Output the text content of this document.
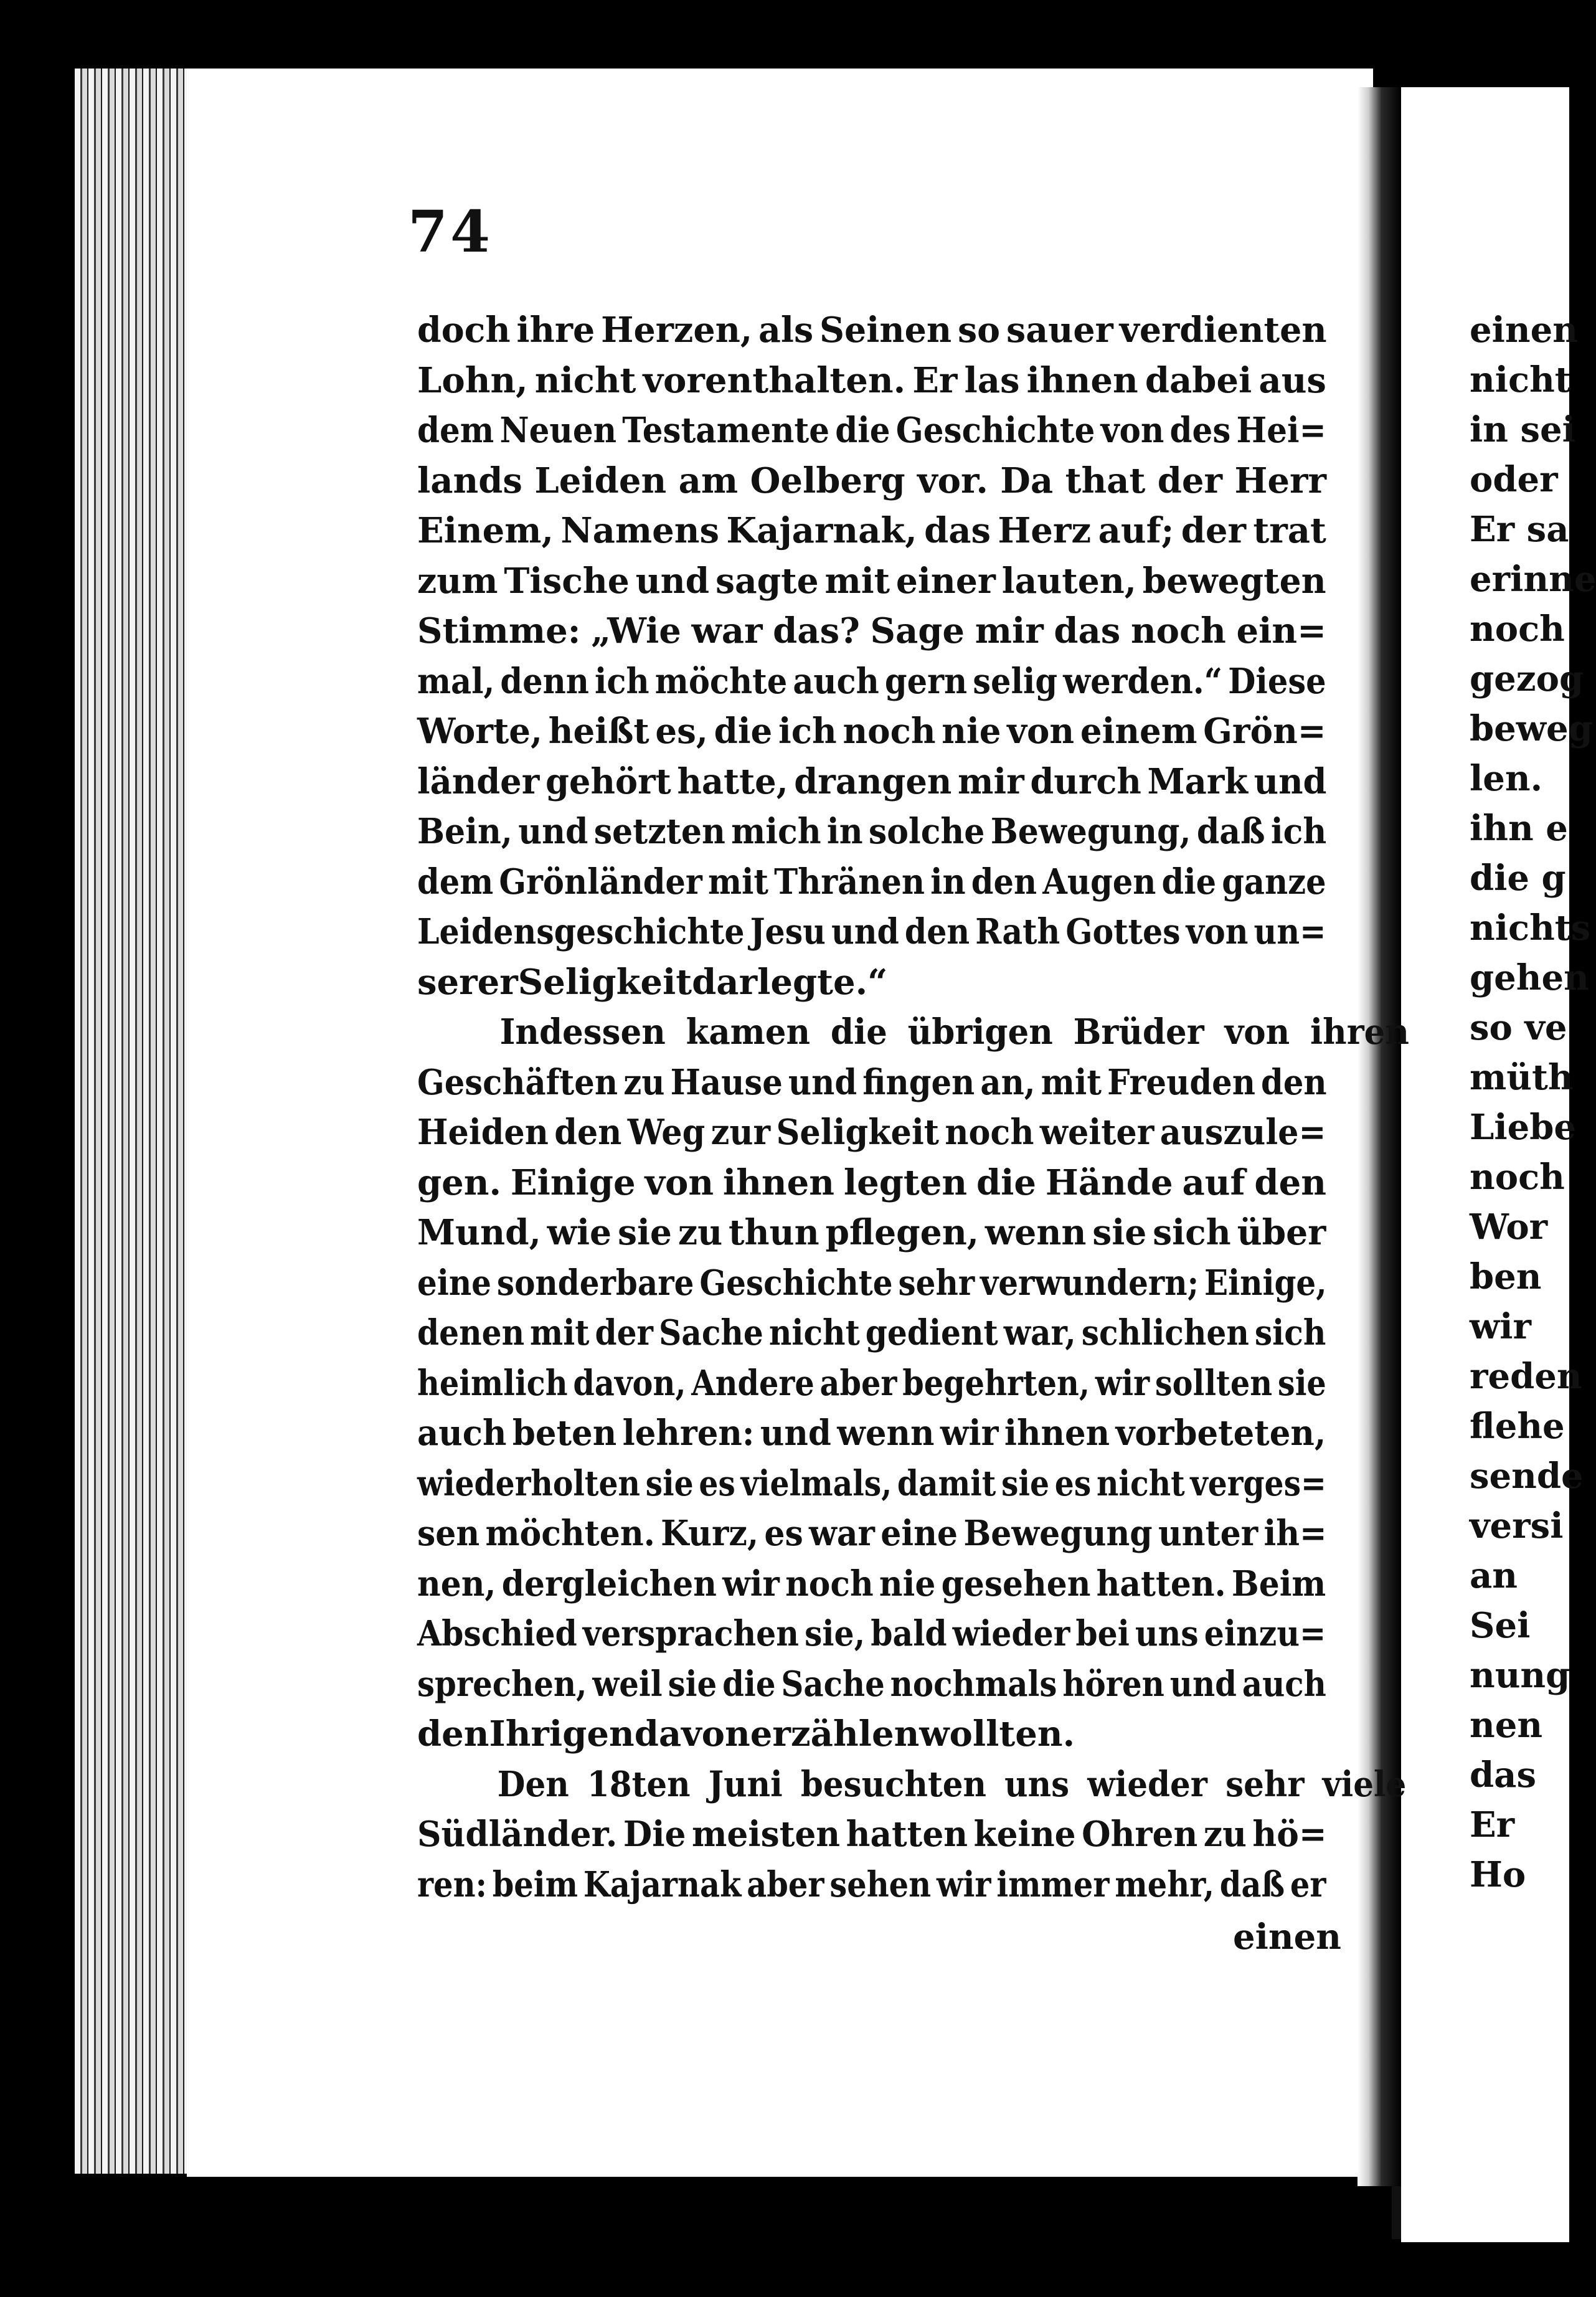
74
doch ihre Herzen, als Seinen so sauer verdienten
Lohn, nicht vorenthalten. Er las ihnen dabei aus
dem Neuen Testamente die Geschichte von des Hei=
lands Leiden am Oelberg vor. Da that der Herr
Einem, Namens Kajarnak, das Herz auf; der trat
zum Tische und sagte mit einer lauten, bewegten
Stimme: „Wie war das? Sage mir das noch ein=
mal, denn ich möchte auch gern selig werden.“ Diese
Worte, heißt es, die ich noch nie von einem Grön=
länder gehört hatte, drangen mir durch Mark und
Bein, und setzten mich in solche Bewegung, daß ich
dem Grönländer mit Thränen in den Augen die ganze
Leidensgeschichte Jesu und den Rath Gottes von un=
serer Seligkeit darlegte.“
Indessen kamen die übrigen Brüder von ihren
Geschäften zu Hause und fingen an, mit Freuden den
Heiden den Weg zur Seligkeit noch weiter auszule=
gen. Einige von ihnen legten die Hände auf den
Mund, wie sie zu thun pflegen, wenn sie sich über
eine sonderbare Geschichte sehr verwundern; Einige,
denen mit der Sache nicht gedient war, schlichen sich
heimlich davon, Andere aber begehrten, wir sollten sie
auch beten lehren: und wenn wir ihnen vorbeteten,
wiederholten sie es vielmals, damit sie es nicht verges=
sen möchten. Kurz, es war eine Bewegung unter ih=
nen, dergleichen wir noch nie gesehen hatten. Beim
Abschied versprachen sie, bald wieder bei uns einzu=
sprechen, weil sie die Sache nochmals hören und auch
den Ihrigen davon erzählen wollten.
Den 18ten Juni besuchten uns wieder sehr viele
Südländer. Die meisten hatten keine Ohren zu hö=
ren: beim Kajarnak aber sehen wir immer mehr, daß er
einen
einen
nicht
in sei
oder
Er sa
erinne
noch
gezog
beweg
len.
ihn e
die g
nichts
gehen
so ve
müth
Liebe
noch
Wor
ben
wir
reden
flehe
sende
versi
an
Sei
nung
nen
das
Er
Ho
